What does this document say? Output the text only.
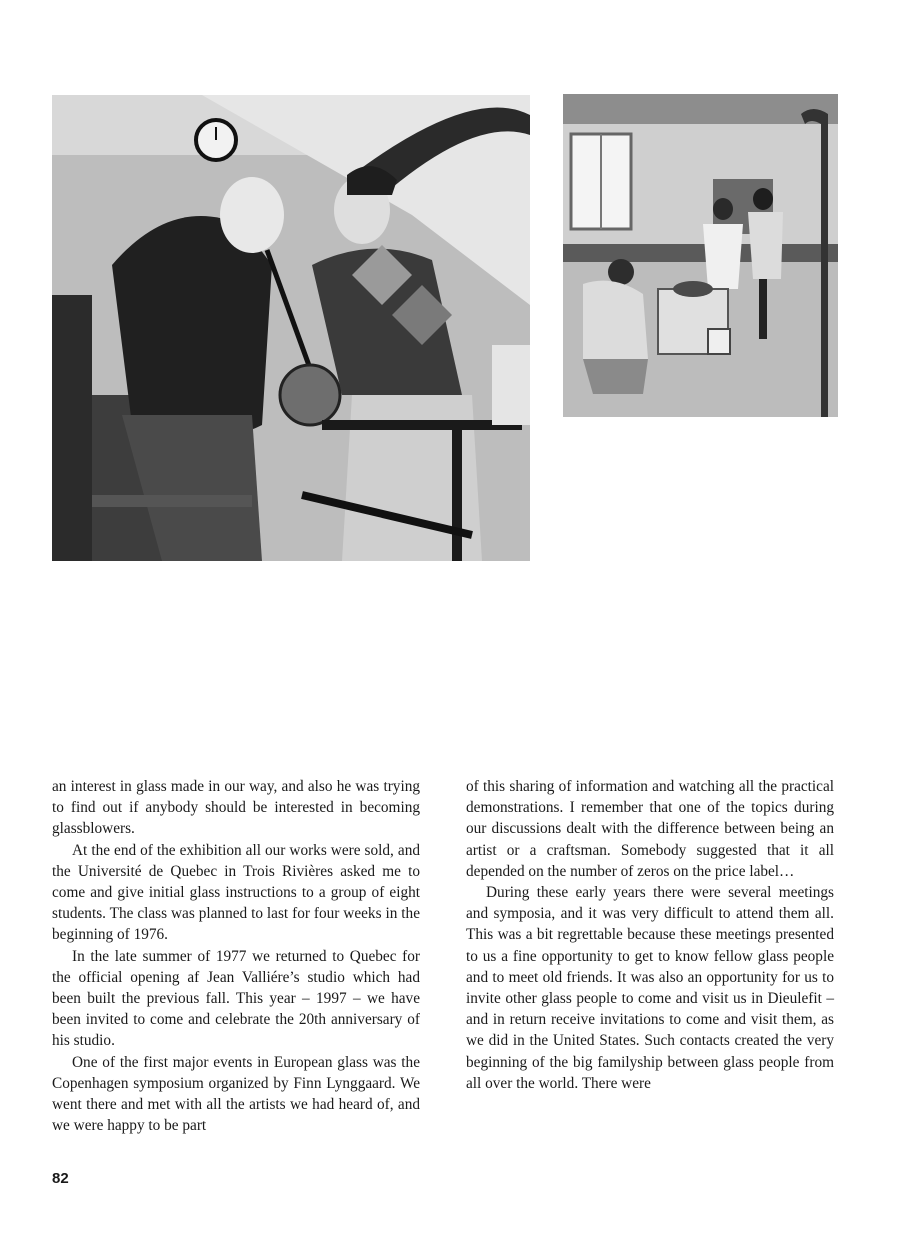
an interest in glass made in our way, and also he was trying to find out if anybody should be interested in becoming glassblowers.

At the end of the exhibition all our works were sold, and the Université de Quebec in Trois Rivières asked me to come and give initial glass instructions to a group of eight students. The class was planned to last for four weeks in the beginning of 1976.

In the late summer of 1977 we returned to Quebec for the official opening af Jean Valliére’s studio which had been built the previous fall. This year – 1997 – we have been invited to come and celebrate the 20th anniversary of his studio.

One of the first major events in European glass was the Copenhagen symposium organized by Finn Lynggaard. We went there and met with all the artists we had heard of, and we were happy to be part

of this sharing of information and watching all the practical demonstrations. I remember that one of the topics during our discussions dealt with the difference between being an artist or a craftsman. Somebody suggested that it all depended on the number of zeros on the price label…

During these early years there were several meetings and symposia, and it was very difficult to attend them all. This was a bit regrettable because these meetings presented to us a fine opportunity to get to know fellow glass people and to meet old friends. It was also an opportunity for us to invite other glass people to come and visit us in Dieulefit – and in return receive invitations to come and visit them, as we did in the United States. Such contacts created the very beginning of the big familyship between glass people from all over the world. There were

82
